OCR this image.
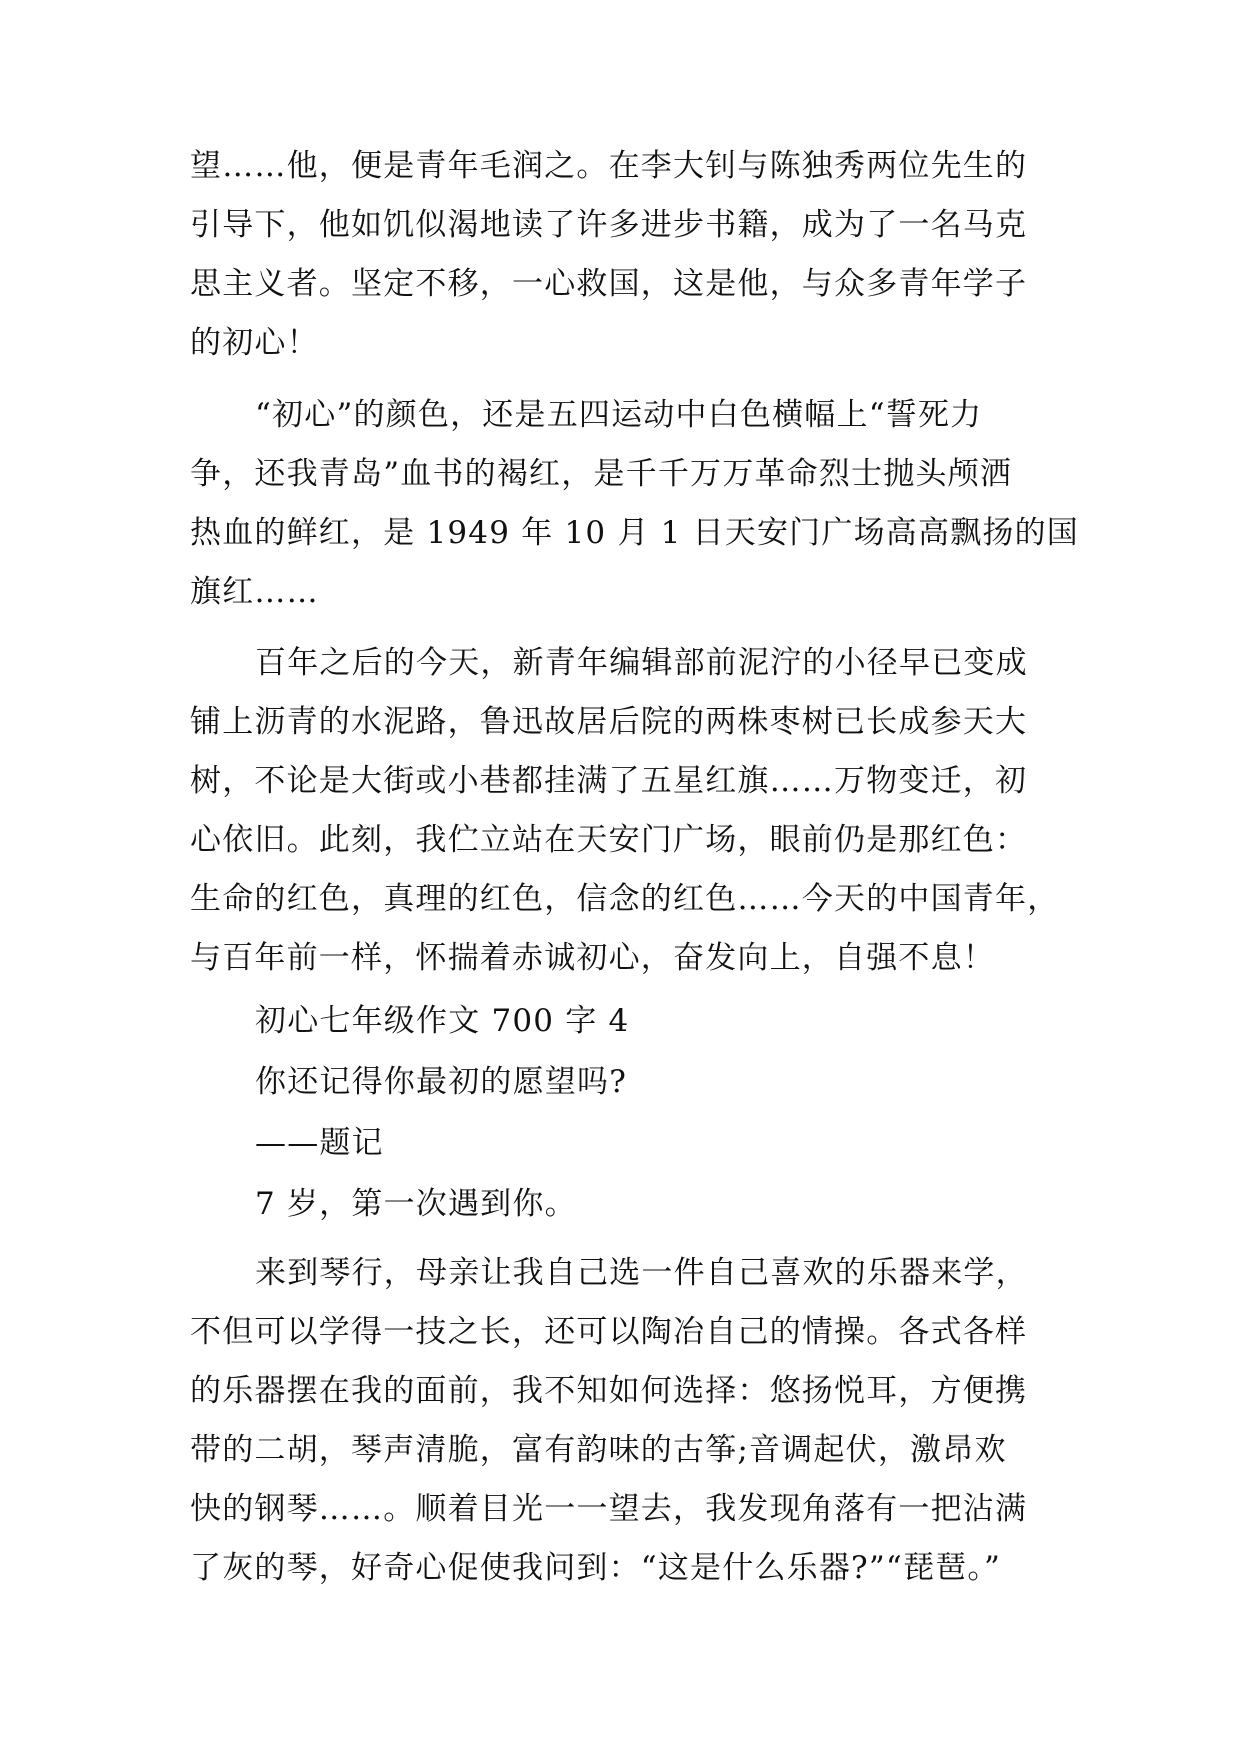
望……他，便是青年毛润之。在李大钊与陈独秀两位先生的
引导下，他如饥似渴地读了许多进步书籍，成为了一名马克
思主义者。坚定不移，一心救国，这是他，与众多青年学子
的初心！
“初心”的颜色，还是五四运动中白色横幅上“誓死力
争，还我青岛”血书的褐红，是千千万万革命烈士抛头颅洒
热血的鲜红，是 1949 年 10 月 1 日天安门广场高高飘扬的国
旗红……
百年之后的今天，新青年编辑部前泥泞的小径早已变成
铺上沥青的水泥路，鲁迅故居后院的两株枣树已长成参天大
树，不论是大街或小巷都挂满了五星红旗……万物变迁，初
心依旧。此刻，我伫立站在天安门广场，眼前仍是那红色：
生命的红色，真理的红色，信念的红色……今天的中国青年，
与百年前一样，怀揣着赤诚初心，奋发向上，自强不息！
初心七年级作文 700 字 4
你还记得你最初的愿望吗?
——题记
7 岁，第一次遇到你。
来到琴行，母亲让我自己选一件自己喜欢的乐器来学，
不但可以学得一技之长，还可以陶冶自己的情操。各式各样
的乐器摆在我的面前，我不知如何选择：悠扬悦耳，方便携
带的二胡，琴声清脆，富有韵味的古筝;音调起伏，激昂欢
快的钢琴……。顺着目光一一望去，我发现角落有一把沾满
了灰的琴，好奇心促使我问到：“这是什么乐器?”“琵琶。”
